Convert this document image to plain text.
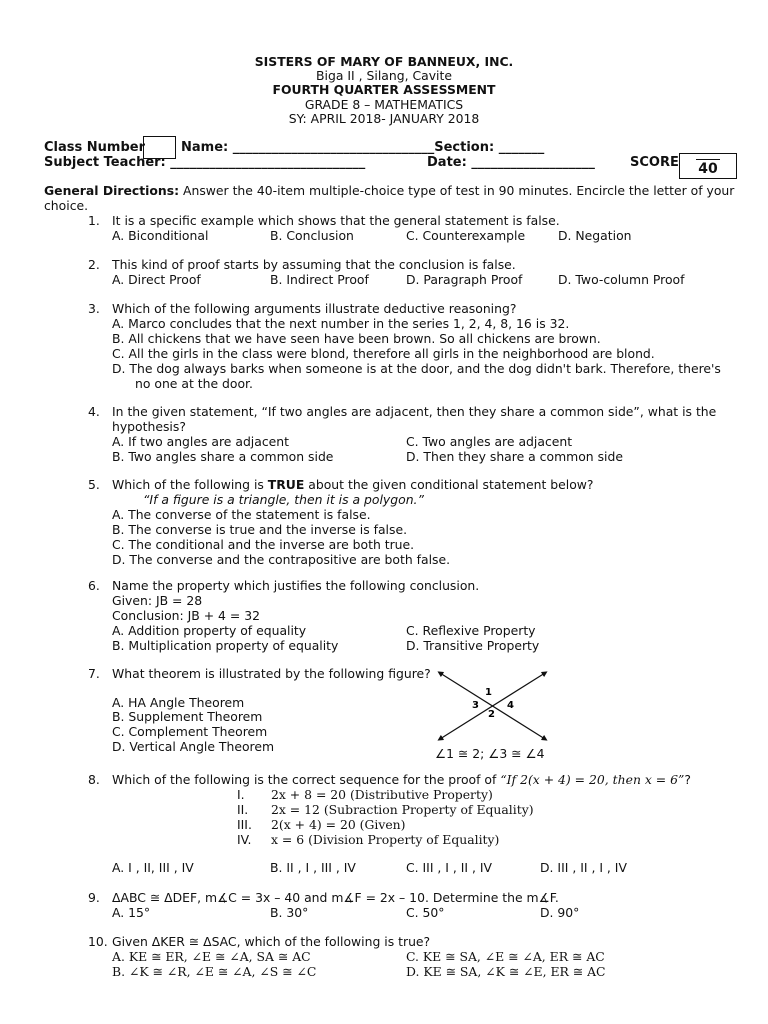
SISTERS OF MARY OF BANNEUX, INC.
Biga II , Silang, Cavite
FOURTH QUARTER ASSESSMENT
GRADE 8 – MATHEMATICS
SY: APRIL 2018- JANUARY 2018
Class Number	Name: _______________________________Section: _______
Subject Teacher: ______________________________	Date: ___________________	SCORE	40
General Directions: Answer the 40-item multiple-choice type of test in 90 minutes. Encircle the letter of your
choice.
1. It is a specific example which shows that the general statement is false.
A. Biconditional	B. Conclusion	C. Counterexample	D. Negation
2. This kind of proof starts by assuming that the conclusion is false.
A. Direct Proof	B. Indirect Proof	D. Paragraph Proof	D. Two-column Proof
3. Which of the following arguments illustrate deductive reasoning?
A. Marco concludes that the next number in the series 1, 2, 4, 8, 16 is 32.
B. All chickens that we have seen have been brown. So all chickens are brown.
C. All the girls in the class were blond, therefore all girls in the neighborhood are blond.
D. The dog always barks when someone is at the door, and the dog didn't bark. Therefore, there's
no one at the door.
4. In the given statement, “If two angles are adjacent, then they share a common side”, what is the
hypothesis?
A. If two angles are adjacent	C. Two angles are adjacent
B. Two angles share a common side	D. Then they share a common side
5. Which of the following is TRUE about the given conditional statement below?
“If a figure is a triangle, then it is a polygon.”
A. The converse of the statement is false.
B. The converse is true and the inverse is false.
C. The conditional and the inverse are both true.
D. The converse and the contrapositive are both false.
6. Name the property which justifies the following conclusion.
Given: JB = 28
Conclusion: JB + 4 = 32
A. Addition property of equality	C. Reflexive Property
B. Multiplication property of equality	D. Transitive Property
7. What theorem is illustrated by the following figure?
A. HA Angle Theorem
B. Supplement Theorem
C. Complement Theorem
D. Vertical Angle Theorem
1
2
3	4
∠1 ≅ 2; ∠3 ≅ ∠4
8. Which of the following is the correct sequence for the proof of “If 2(x + 4) = 20, then x = 6”?
I. 2x + 8 = 20 (Distributive Property)
II. 2x = 12 (Subraction Property of Equality)
III. 2(x + 4) = 20 (Given)
IV. x = 6 (Division Property of Equality)
A. I , II, III , IV	B. II , I , III , IV	C. III , I , II , IV	D. III , II , I , IV
9. ΔABC ≅ ΔDEF, m∡C = 3x – 40 and m∡F = 2x – 10. Determine the m∡F.
A. 15°	B. 30°	C. 50°	D. 90°
10. Given ΔKER ≅ ΔSAC, which of the following is true?
A. KE ≅ ER, ∠E ≅ ∠A, SA ≅ AC	C. KE ≅ SA, ∠E ≅ ∠A, ER ≅ AC
B. ∠K ≅ ∠R, ∠E ≅ ∠A, ∠S ≅ ∠C	D. KE ≅ SA, ∠K ≅ ∠E, ER ≅ AC
